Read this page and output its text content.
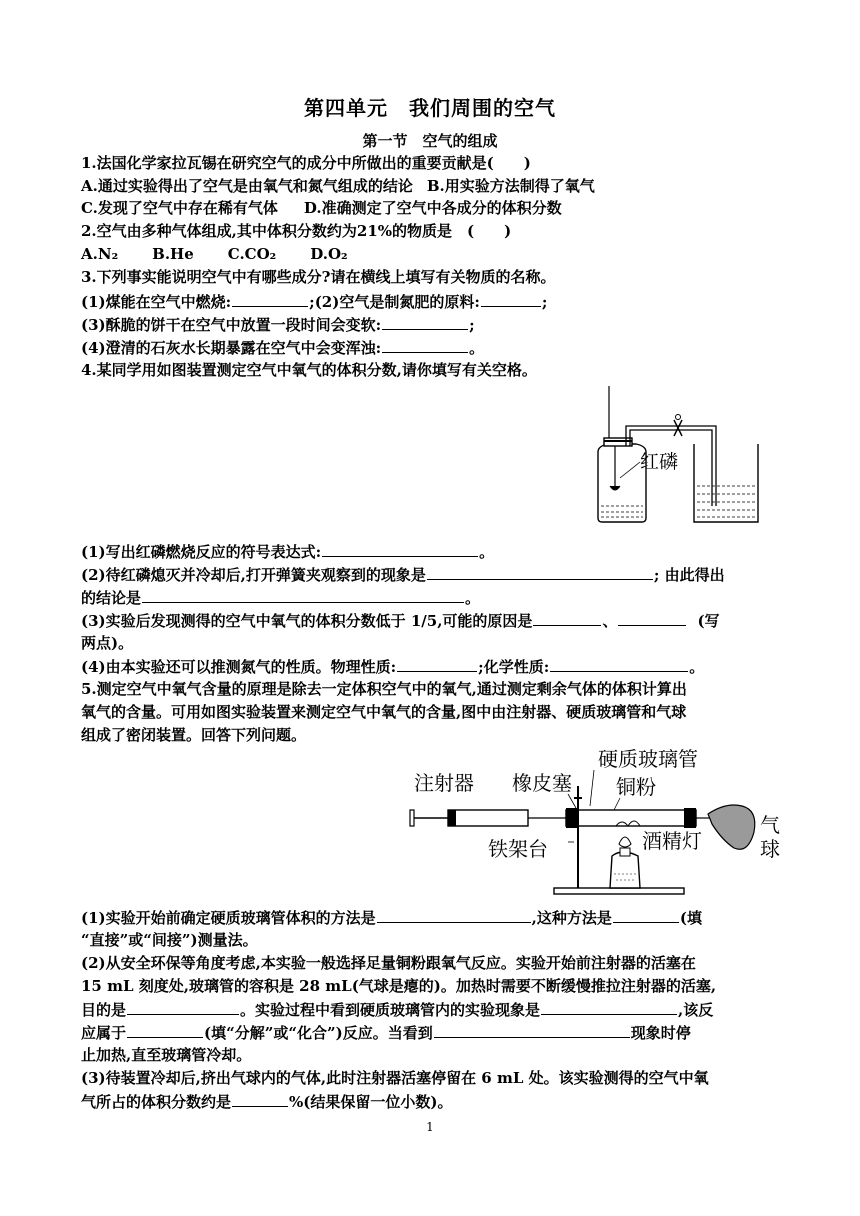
第四单元　我们周围的空气
第一节　空气的组成
1.法国化学家拉瓦锡在研究空气的成分中所做出的重要贡献是(　　)
A.通过实验得出了空气是由氧气和氮气组成的结论 B.用实验方法制得了氧气
C.发现了空气中存在稀有气体 D.准确测定了空气中各成分的体积分数
2.空气由多种气体组成,其中体积分数约为21%的物质是　(　　)
A.N₂ B.He C.CO₂ D.O₂
3.下列事实能说明空气中有哪些成分?请在横线上填写有关物质的名称。
(1)煤能在空气中燃烧:	;(2)空气是制氮肥的原料:	;
(3)酥脆的饼干在空气中放置一段时间会变软:	;
(4)澄清的石灰水长期暴露在空气中会变浑浊:	。
4.某同学用如图装置测定空气中氧气的体积分数,请你填写有关空格。
红磷
(1)写出红磷燃烧反应的符号表达式:	。
(2)待红磷熄灭并冷却后,打开弹簧夹观察到的现象是	; 由此得出
的结论是	。
(3)实验后发现测得的空气中氧气的体积分数低于 1/5,可能的原因是	、	(写
两点)。
(4)由本实验还可以推测氮气的性质。物理性质:	;化学性质:	。
5.测定空气中氧气含量的原理是除去一定体积空气中的氧气,通过测定剩余气体的体积计算出
氧气的含量。可用如图实验装置来测定空气中氧气的含量,图中由注射器、硬质玻璃管和气球
组成了密闭装置。回答下列问题。
注射器 橡皮塞
硬质玻璃管
铜粉
气
球
铁架台	酒精灯
(1)实验开始前确定硬质玻璃管体积的方法是	,这种方法是	(填
“直接”或“间接”)测量法。
(2)从安全环保等角度考虑,本实验一般选择足量铜粉跟氧气反应。实验开始前注射器的活塞在
15 mL 刻度处,玻璃管的容积是 28 mL(气球是瘪的)。加热时需要不断缓慢推拉注射器的活塞,
目的是	。实验过程中看到硬质玻璃管内的实验现象是	,该反
应属于	(填“分解”或“化合”)反应。当看到	现象时停
止加热,直至玻璃管冷却。
(3)待装置冷却后,挤出气球内的气体,此时注射器活塞停留在 6 mL 处。该实验测得的空气中氧
气所占的体积分数约是	%(结果保留一位小数)。
1
